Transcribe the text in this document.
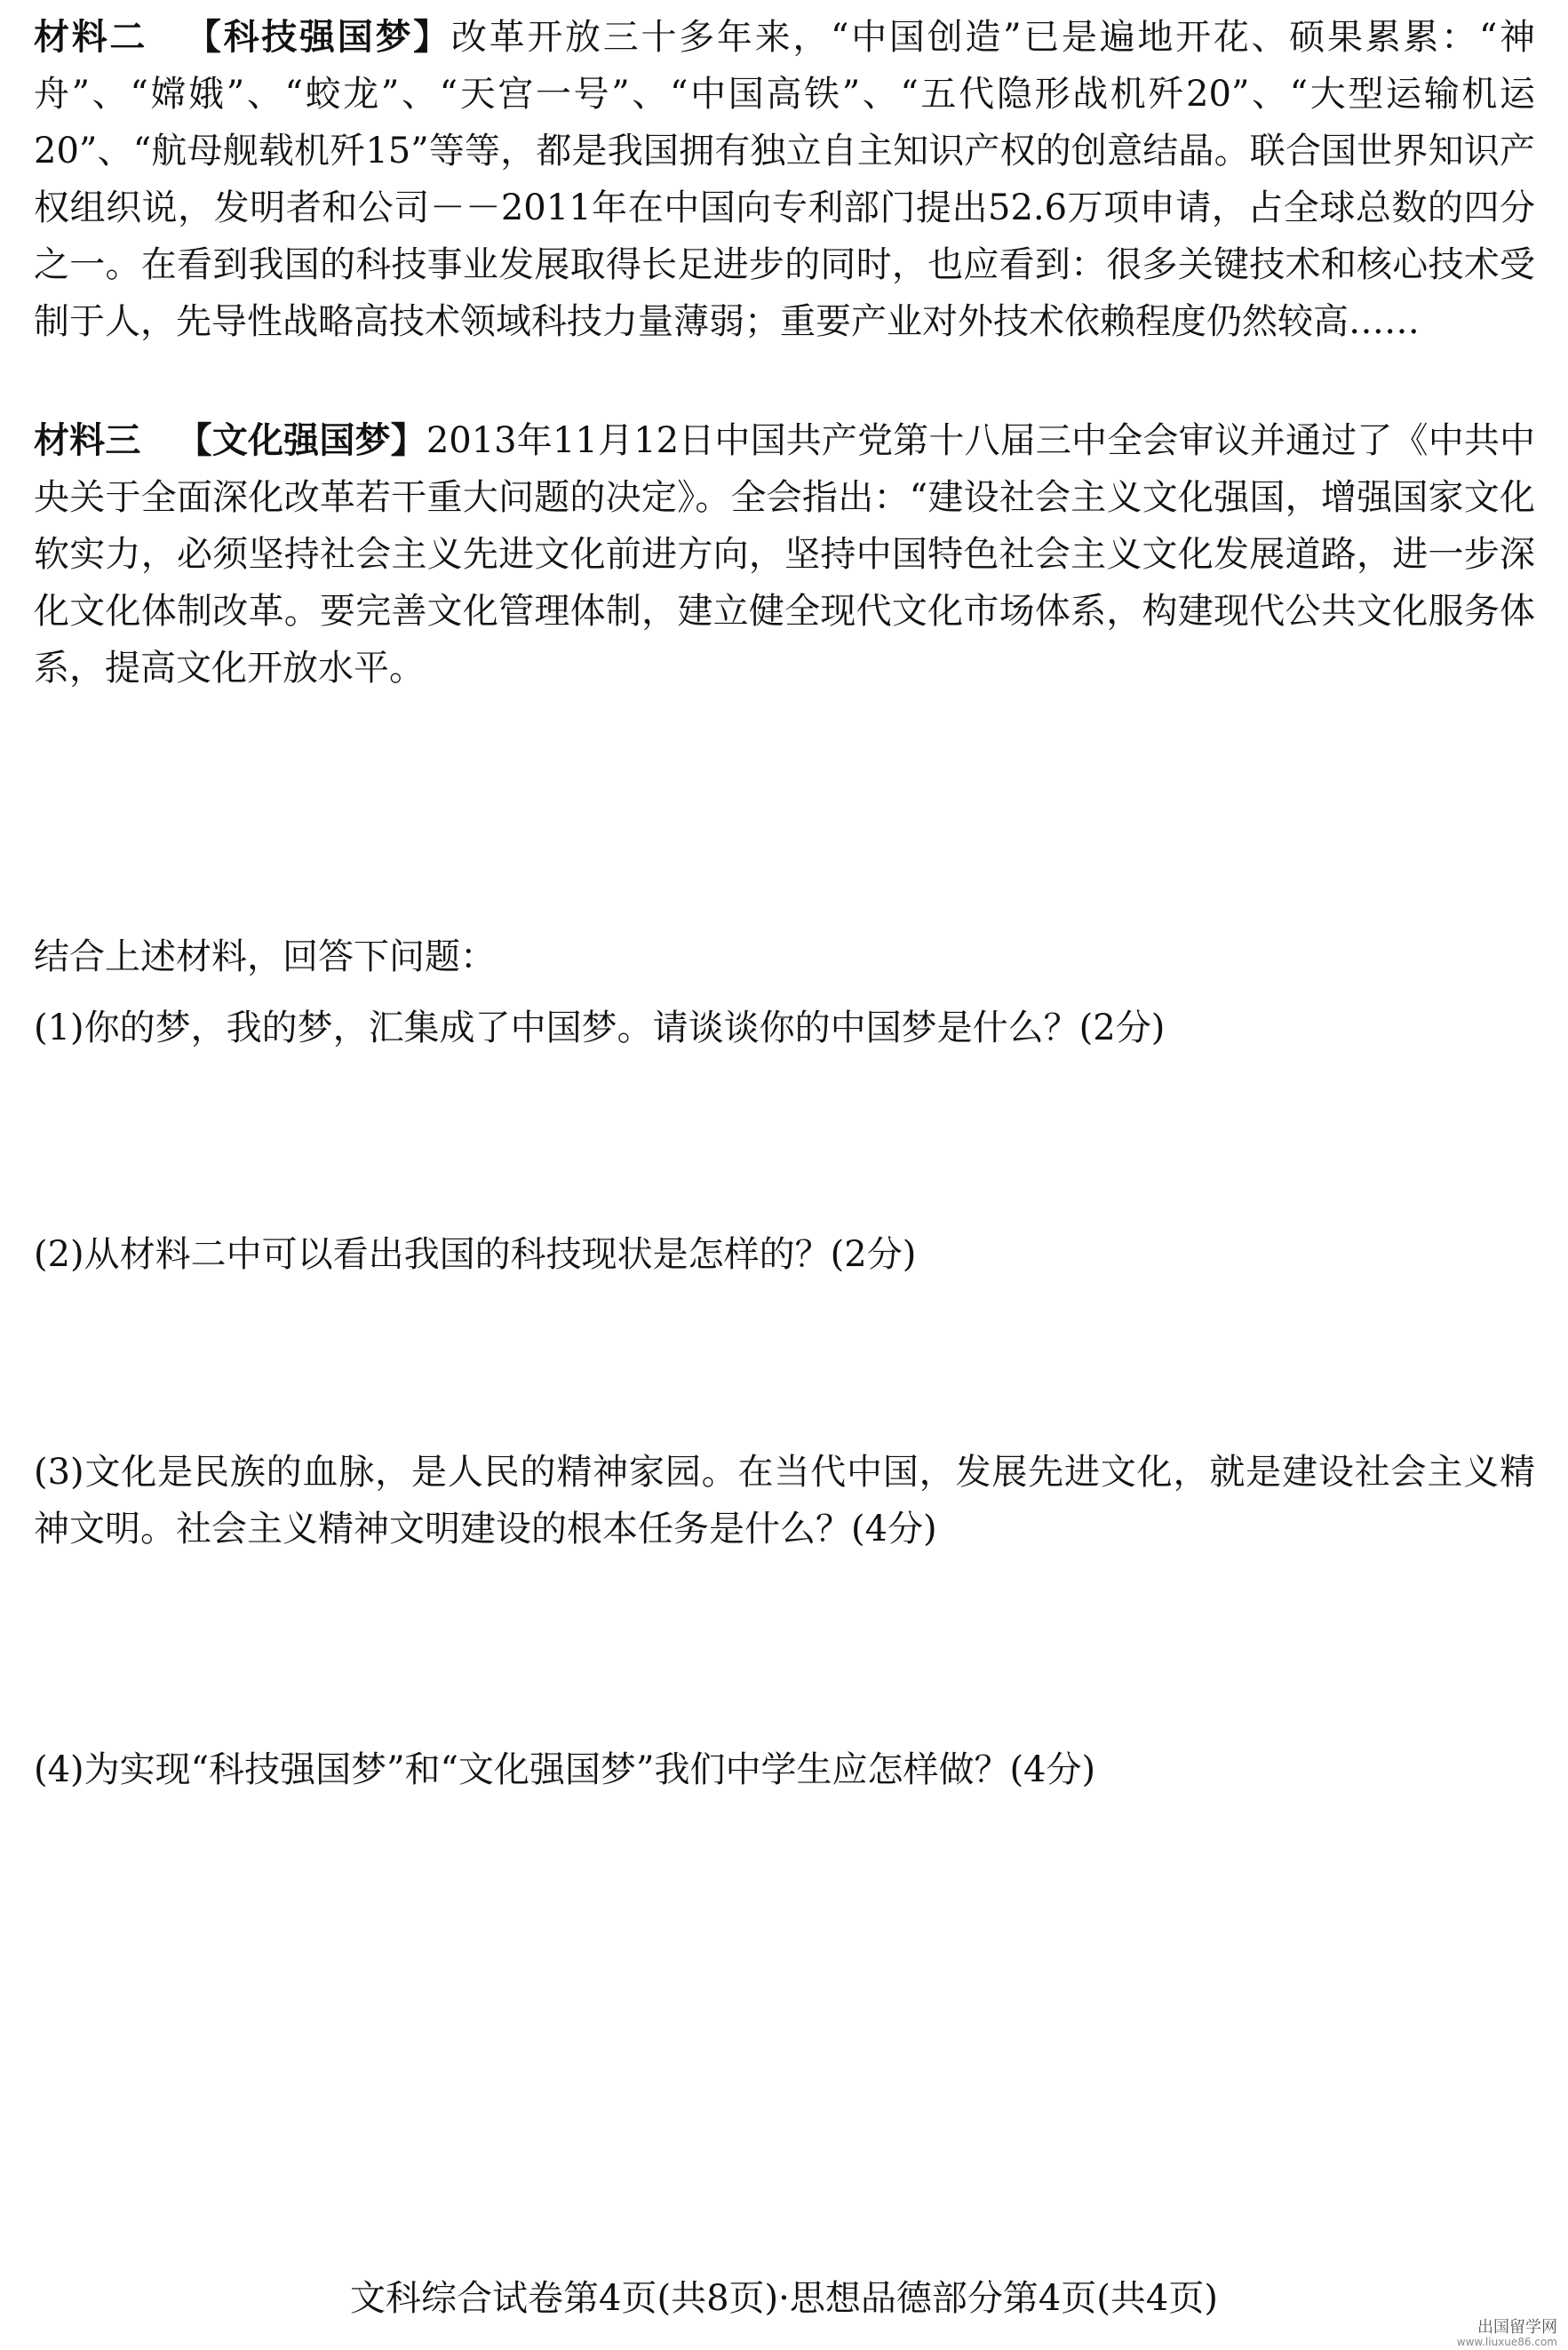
材料二 【科技强国梦】改革开放三十多年来，“中国创造”已是遍地开花、硕果累累：“神舟”、“嫦娥”、“蛟龙”、“天宫一号”、“中国高铁”、“五代隐形战机歼20”、“大型运输机运20”、“航母舰载机歼15”等等，都是我国拥有独立自主知识产权的创意结晶。联合国世界知识产权组织说，发明者和公司－－2011年在中国向专利部门提出52.6万项申请，占全球总数的四分之一。在看到我国的科技事业发展取得长足进步的同时，也应看到：很多关键技术和核心技术受制于人，先导性战略高技术领域科技力量薄弱；重要产业对外技术依赖程度仍然较高……
材料三 【文化强国梦】2013年11月12日中国共产党第十八届三中全会审议并通过了《中共中央关于全面深化改革若干重大问题的决定》。全会指出：“建设社会主义文化强国，增强国家文化软实力，必须坚持社会主义先进文化前进方向，坚持中国特色社会主义文化发展道路，进一步深化文化体制改革。要完善文化管理体制，建立健全现代文化市场体系，构建现代公共文化服务体系，提高文化开放水平。
结合上述材料，回答下问题：
(1)你的梦，我的梦，汇集成了中国梦。请谈谈你的中国梦是什么？(2分)
(2)从材料二中可以看出我国的科技现状是怎样的？(2分)
(3)文化是民族的血脉，是人民的精神家园。在当代中国，发展先进文化，就是建设社会主义精神文明。社会主义精神文明建设的根本任务是什么？(4分)
(4)为实现“科技强国梦”和“文化强国梦”我们中学生应怎样做？(4分)
文科综合试卷第4页(共8页)·思想品德部分第4页(共4页)
出国留学网
www.liuxue86.com
